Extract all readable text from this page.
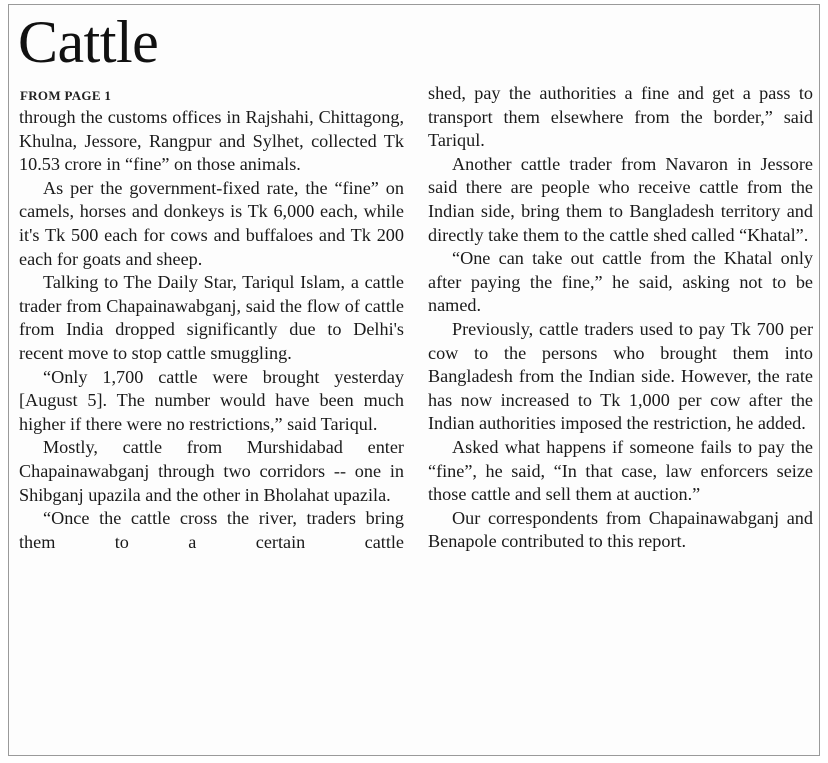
Cattle
FROM PAGE 1

through the customs offices in Rajshahi, Chittagong, Khulna, Jessore, Rangpur and Sylhet, collected Tk 10.53 crore in “fine” on those animals.

As per the government-fixed rate, the “fine” on camels, horses and donkeys is Tk 6,000 each, while it's Tk 500 each for cows and buffaloes and Tk 200 each for goats and sheep.

Talking to The Daily Star, Tariqul Islam, a cattle trader from Chapainawabganj, said the flow of cattle from India dropped significantly due to Delhi's recent move to stop cattle smuggling.

“Only 1,700 cattle were brought yesterday [August 5]. The number would have been much higher if there were no restrictions,” said Tariqul.

Mostly, cattle from Murshidabad enter Chapainawabganj through two corridors -- one in Shibganj upazila and the other in Bholahat upazila.

“Once the cattle cross the river, traders bring them to a certain cattle

shed, pay the authorities a fine and get a pass to transport them elsewhere from the border,” said Tariqul.

Another cattle trader from Navaron in Jessore said there are people who receive cattle from the Indian side, bring them to Bangladesh territory and directly take them to the cattle shed called “Khatal”.

“One can take out cattle from the Khatal only after paying the fine,” he said, asking not to be named.

Previously, cattle traders used to pay Tk 700 per cow to the persons who brought them into Bangladesh from the Indian side. However, the rate has now increased to Tk 1,000 per cow after the Indian authorities imposed the restriction, he added.

Asked what happens if someone fails to pay the “fine”, he said, “In that case, law enforcers seize those cattle and sell them at auction.”

Our correspondents from Chapainawabganj and Benapole contributed to this report.
